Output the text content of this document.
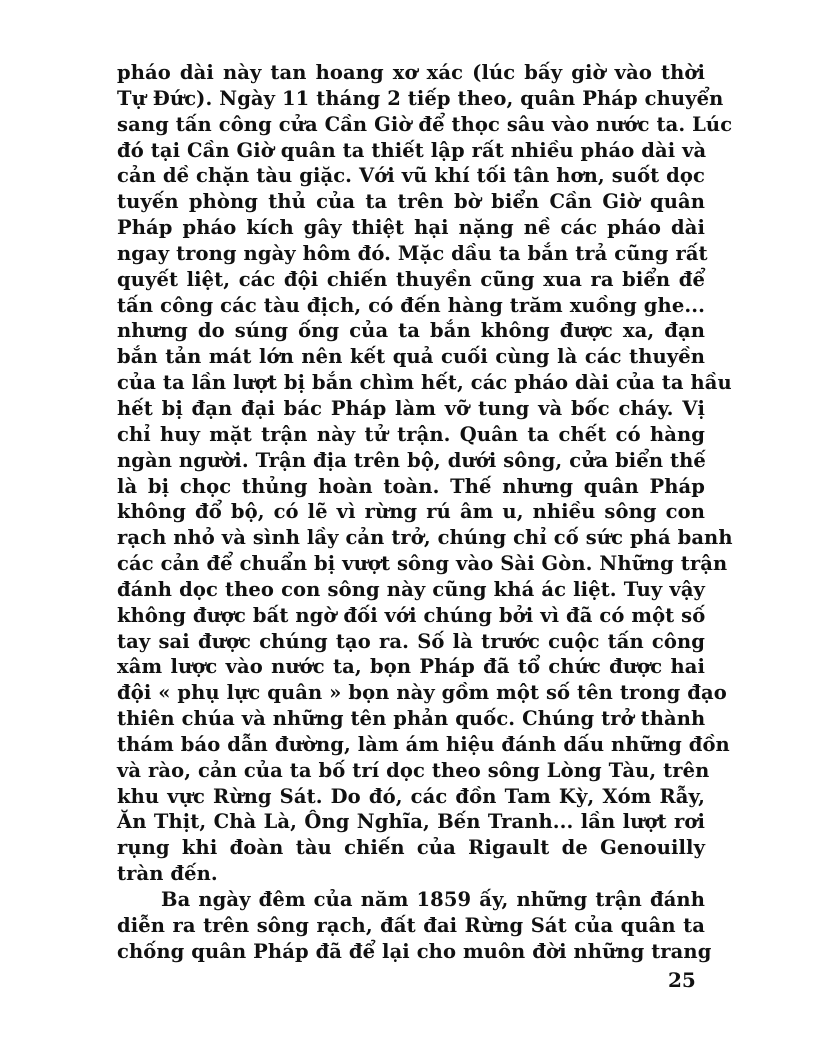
pháo dài này tan hoang xơ xác (lúc bấy giờ vào thời
Tự Đức). Ngày 11 tháng 2 tiếp theo, quân Pháp chuyển
sang tấn công cửa Cần Giờ để thọc sâu vào nước ta. Lúc
đó tại Cần Giờ quân ta thiết lập rất nhiều pháo dài và
cản dề chặn tàu giặc. Với vũ khí tối tân hơn, suốt dọc
tuyến phòng thủ của ta trên bờ biển Cần Giờ quân
Pháp pháo kích gây thiệt hại nặng nề các pháo dài
ngay trong ngày hôm đó. Mặc dầu ta bắn trả cũng rất
quyết liệt, các đội chiến thuyền cũng xua ra biển để
tấn công các tàu địch, có đến hàng trăm xuồng ghe...
nhưng do súng ống của ta bắn không được xa, đạn
bắn tản mát lớn nên kết quả cuối cùng là các thuyền
của ta lần lượt bị bắn chìm hết, các pháo dài của ta hầu
hết bị đạn đại bác Pháp làm vỡ tung và bốc cháy. Vị
chỉ huy mặt trận này tử trận. Quân ta chết có hàng
ngàn người. Trận địa trên bộ, dưới sông, cửa biển thế
là bị chọc thủng hoàn toàn. Thế nhưng quân Pháp
không đổ bộ, có lẽ vì rừng rú âm u, nhiều sông con
rạch nhỏ và sình lầy cản trở, chúng chỉ cố sức phá banh
các cản để chuẩn bị vượt sông vào Sài Gòn. Những trận
đánh dọc theo con sông này cũng khá ác liệt. Tuy vậy
không được bất ngờ đối với chúng bởi vì đã có một số
tay sai được chúng tạo ra. Số là trước cuộc tấn công
xâm lược vào nước ta, bọn Pháp đã tổ chức được hai
đội « phụ lực quân » bọn này gồm một số tên trong đạo
thiên chúa và những tên phản quốc. Chúng trở thành
thám báo dẫn đường, làm ám hiệu đánh dấu những đồn
và rào, cản của ta bố trí dọc theo sông Lòng Tàu, trên
khu vực Rừng Sát. Do đó, các đồn Tam Kỳ, Xóm Rẫy,
Ăn Thịt, Chà Là, Ông Nghĩa, Bến Tranh... lần lượt rơi
rụng khi đoàn tàu chiến của Rigault de Genouilly
tràn đến.
Ba ngày đêm của năm 1859 ấy, những trận đánh
diễn ra trên sông rạch, đất đai Rừng Sát của quân ta
chống quân Pháp đã để lại cho muôn đời những trang
25
